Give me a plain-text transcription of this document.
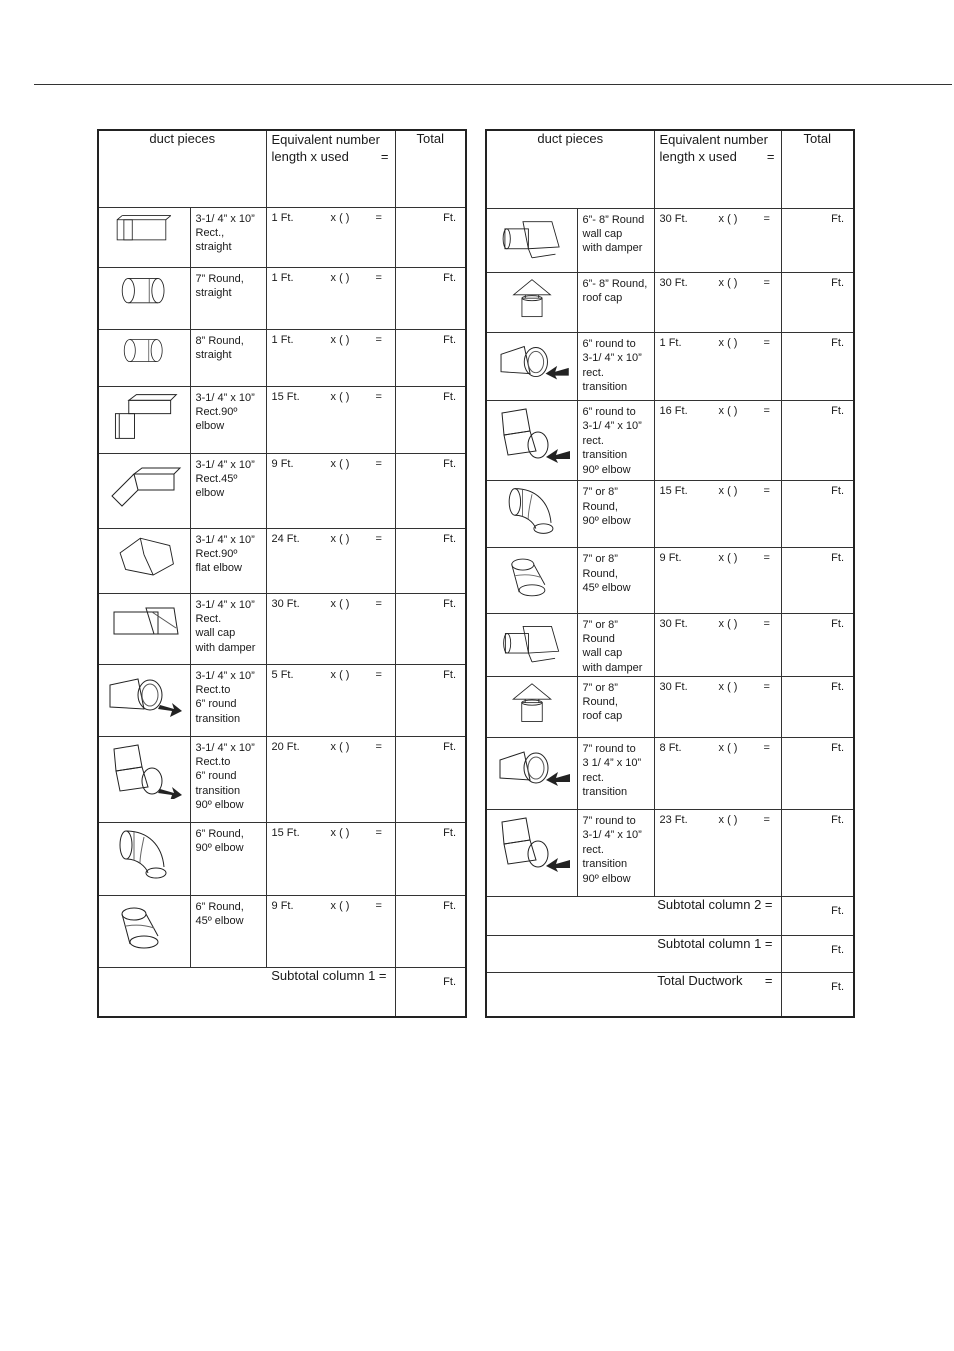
duct pieces		Equivalent number
length x used =	Total

	3-1/ 4” x 10”
Rect.,
straight	1 Ft. x ( ) =	Ft.

	7” Round,
straight	1 Ft. x ( ) =	Ft.

	8” Round,
straight	1 Ft. x ( ) =	Ft.

	3-1/ 4” x 10”
Rect.90º
elbow	15 Ft. x ( ) =	Ft.

	3-1/ 4” x 10”
Rect.45º
elbow	9 Ft. x ( ) =	Ft.

	3-1/ 4” x 10”
Rect.90º
flat elbow	24 Ft. x ( ) =	Ft.

	3-1/ 4” x 10”
Rect.
wall cap
with damper	30 Ft. x ( ) =	Ft.

	3-1/ 4” x 10”
Rect.to
6” round
transition	5 Ft. x ( ) =	Ft.

	3-1/ 4” x 10”
Rect.to
6” round
transition
90º elbow	20 Ft. x ( ) =	Ft.

	6” Round,
90º elbow	15 Ft. x ( ) =	Ft.

	6” Round,
45º elbow	9 Ft. x ( ) =	Ft.
Subtotal column 1 =			Ft.
duct pieces		Equivalent number
length x used =	Total

	6”- 8” Round
wall cap
with damper	30 Ft. x ( ) =	Ft.

	6”- 8” Round,
roof cap	30 Ft. x ( ) =	Ft.

	6” round to
3-1/ 4” x 10”
rect.
transition	1 Ft. x ( ) =	Ft.

	6” round to
3-1/ 4” x 10”
rect.
transition
90º elbow	16 Ft. x ( ) =	Ft.

	7” or 8”
Round,
90º elbow	15 Ft. x ( ) =	Ft.

	7” or 8”
Round,
45º elbow	9 Ft. x ( ) =	Ft.

	7” or 8”
Round
wall cap
with damper	30 Ft. x ( ) =	Ft.

	7” or 8”
Round,
roof cap	30 Ft. x ( ) =	Ft.

	7” round to
3 1/ 4” x 10”
rect.
transition	8 Ft. x ( ) =	Ft.

	7” round to
3-1/ 4” x 10”
rect.
transition
90º elbow	23 Ft. x ( ) =	Ft.
Subtotal column 2 =			Ft.
Subtotal column 1 =			Ft.
Total Ductwork =			Ft.
